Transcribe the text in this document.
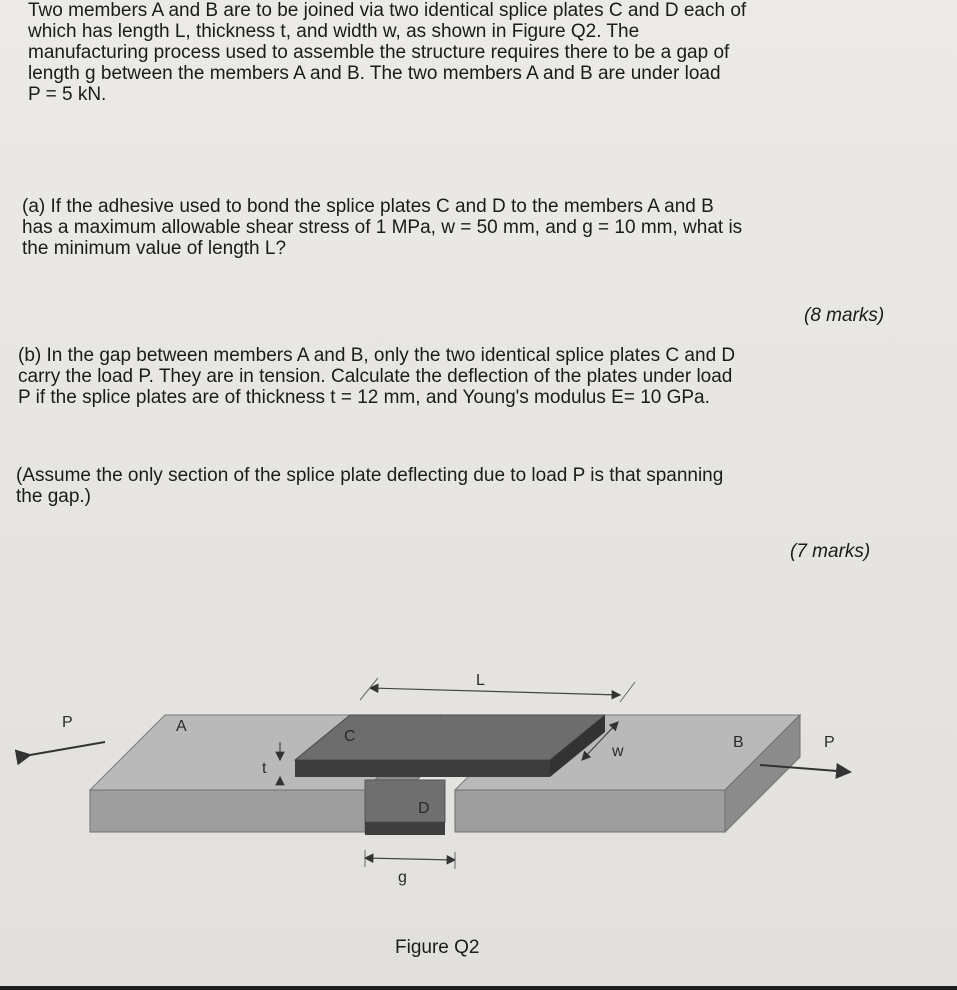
Two members A and B are to be joined via two identical splice plates C and D each of

which has length L, thickness t, and width w, as shown in Figure Q2. The

manufacturing process used to assemble the structure requires there to be a gap of

length g between the members A and B. The two members A and B are under load

P = 5 kN.

(a) If the adhesive used to bond the splice plates C and D to the members A and B

has a maximum allowable shear stress of 1 MPa, w = 50 mm, and g = 10 mm, what is

the minimum value of length L?

(8 marks)

(b) In the gap between members A and B, only the two identical splice plates C and D

carry the load P. They are in tension. Calculate the deflection of the plates under load

P if the splice plates are of thickness t = 12 mm, and Young's modulus E= 10 GPa.

(Assume the only section of the splice plate deflecting due to load P is that spanning

the gap.)

(7 marks)
P	A
C
D
B	P
t
L
w
g
Figure Q2
